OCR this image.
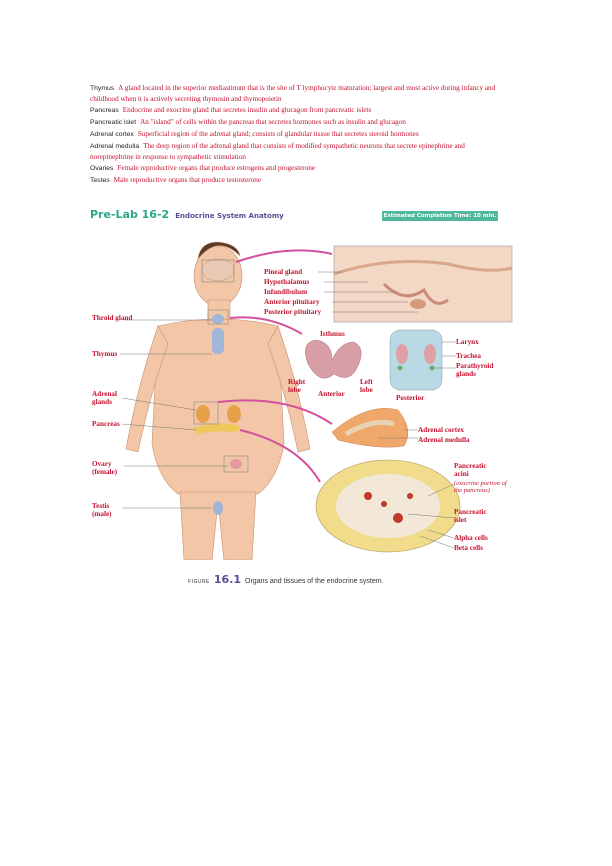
Thymus A gland located in the superior mediastinum that is the site of T lymphocyte maturation; largest and most active during infancy and childhood when it is actively secreting thymosin and thymopoietin

Pancreas Endocrine and exocrine gland that secretes insulin and glucagon from pancreatic islets

Pancreatic islet An "island" of cells within the pancreas that secretes hormones such as insulin and glucagon

Adrenal cortex Superficial region of the adrenal gland; consists of glandular tissue that secretes steroid hormones

Adrenal medulla The deep region of the adrenal gland that consists of modified sympathetic neurons that secrete epinephrine and norepinephrine in response to sympathetic stimulation

Ovaries Female reproductive organs that produce estrogens and progesterone

Testes Male reproductive organs that produce testosterone

Pre-Lab 16-2 Endocrine System Anatomy	Estimated Completion Time: 10 min.
Throid gland
Thymus
Adrenal glands
Pancreas
Ovary (female)
Testis (male)
Pineal gland
Hypothalamus
Infundibulum
Anterior pituitary
Posterior pituitary
Isthmus
Right lobe
Left lobe
Anterior	Posterior
Larynx
Trachea
Parathyroid glands
Adrenal cortex
Adrenal medulla
Pancreatic acini
(exocrine portion of the pancreas)
Pancreatic islet
Alpha cells
Beta cells
FIGURE 16.1 Organs and tissues of the endocrine system.
